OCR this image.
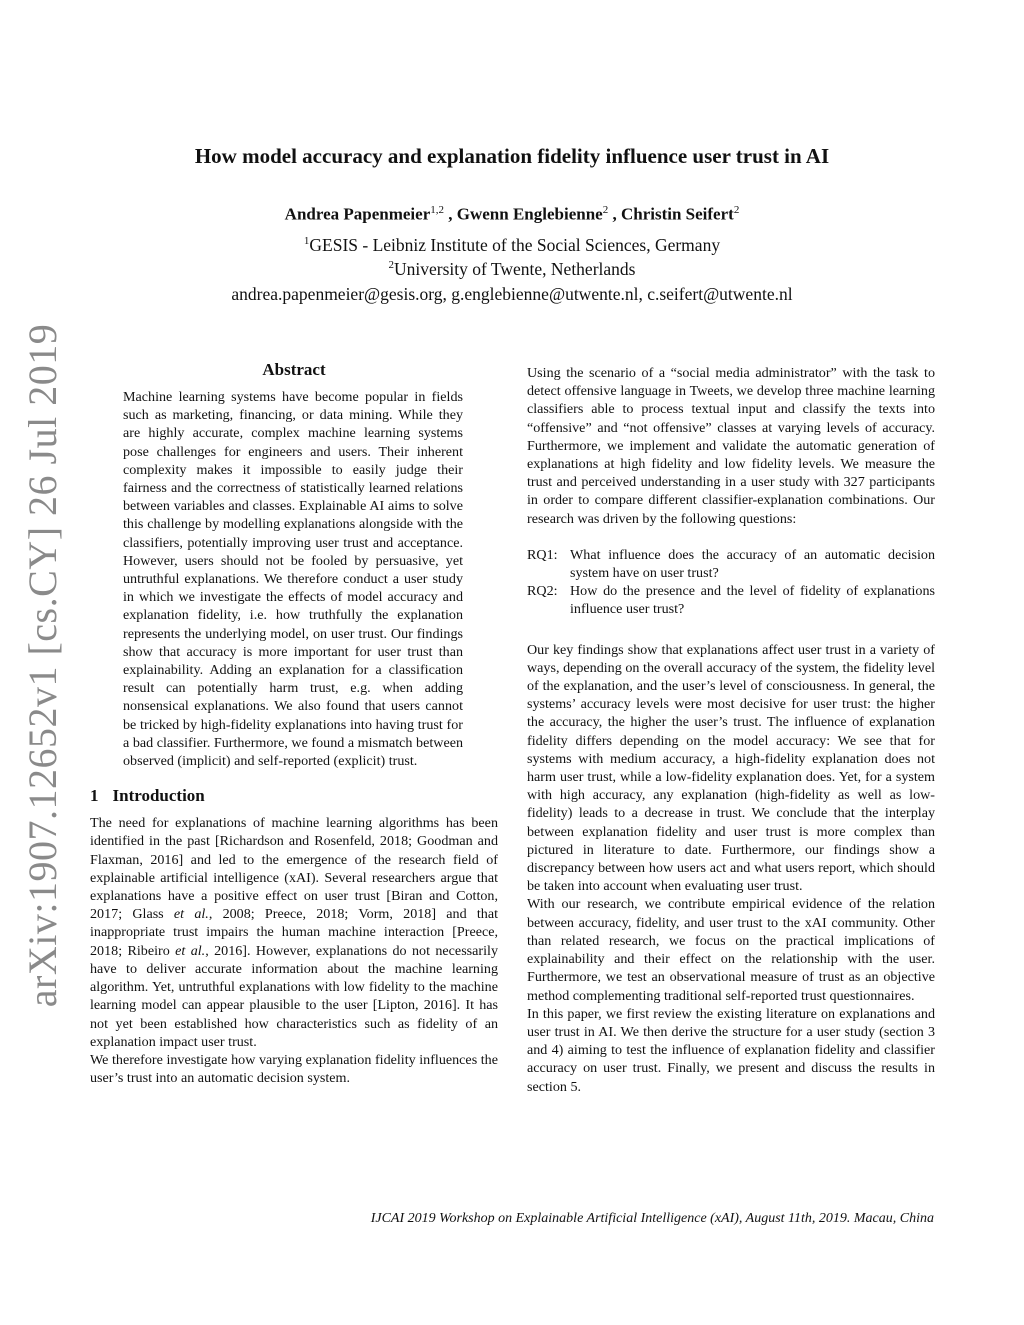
arXiv:1907.12652v1 [cs.CY] 26 Jul 2019
How model accuracy and explanation fidelity influence user trust in AI

Andrea Papenmeier$^{1,2}$ , Gwenn Englebienne$^2$ , Christin Seifert$^2$

$^1$GESIS - Leibniz Institute of the Social Sciences, Germany

$^2$University of Twente, Netherlands

andrea.papenmeier@gesis.org, g.englebienne@utwente.nl, c.seifert@utwente.nl

Abstract

Machine learning systems have become popular in fields such as marketing, financing, or data mining. While they are highly accurate, complex machine learning systems pose challenges for engineers and users. Their inherent complexity makes it impossible to easily judge their fairness and the correctness of statistically learned relations between variables and classes. Explainable AI aims to solve this challenge by modelling explanations alongside with the classifiers, potentially improving user trust and acceptance. However, users should not be fooled by persuasive, yet untruthful explanations. We therefore conduct a user study in which we investigate the effects of model accuracy and explanation fidelity, i.e. how truthfully the explanation represents the underlying model, on user trust. Our findings show that accuracy is more important for user trust than explainability. Adding an explanation for a classification result can potentially harm trust, e.g. when adding nonsensical explanations. We also found that users cannot be tricked by high-fidelity explanations into having trust for a bad classifier. Furthermore, we found a mismatch between observed (implicit) and self-reported (explicit) trust.

1 Introduction

The need for explanations of machine learning algorithms has been identified in the past [Richardson and Rosenfeld, 2018; Goodman and Flaxman, 2016] and led to the emergence of the research field of explainable artificial intelligence (xAI). Several researchers argue that explanations have a positive effect on user trust [Biran and Cotton, 2017; Glass et al., 2008; Preece, 2018; Vorm, 2018] and that inappropriate trust impairs the human machine interaction [Preece, 2018; Ribeiro et al., 2016]. However, explanations do not necessarily have to deliver accurate information about the machine learning algorithm. Yet, untruthful explanations with low fidelity to the machine learning model can appear plausible to the user [Lipton, 2016]. It has not yet been established how characteristics such as fidelity of an explanation impact user trust.

We therefore investigate how varying explanation fidelity influences the user’s trust into an automatic decision system.

Using the scenario of a “social media administrator” with the task to detect offensive language in Tweets, we develop three machine learning classifiers able to process textual input and classify the texts into “offensive” and “not offensive” classes at varying levels of accuracy. Furthermore, we implement and validate the automatic generation of explanations at high fidelity and low fidelity levels. We measure the trust and perceived understanding in a user study with 327 participants in order to compare different classifier-explanation combinations. Our research was driven by the following questions:

RQ1: What influence does the accuracy of an automatic decision system have on user trust?
RQ2: How do the presence and the level of fidelity of explanations influence user trust?

Our key findings show that explanations affect user trust in a variety of ways, depending on the overall accuracy of the system, the fidelity level of the explanation, and the user’s level of consciousness. In general, the systems’ accuracy levels were most decisive for user trust: the higher the accuracy, the higher the user’s trust. The influence of explanation fidelity differs depending on the model accuracy: We see that for systems with medium accuracy, a high-fidelity explanation does not harm user trust, while a low-fidelity explanation does. Yet, for a system with high accuracy, any explanation (high-fidelity as well as low-fidelity) leads to a decrease in trust. We conclude that the interplay between explanation fidelity and user trust is more complex than pictured in literature to date. Furthermore, our findings show a discrepancy between how users act and what users report, which should be taken into account when evaluating user trust.

With our research, we contribute empirical evidence of the relation between accuracy, fidelity, and user trust to the xAI community. Other than related research, we focus on the practical implications of explainability and their effect on the relationship with the user. Furthermore, we test an observational measure of trust as an objective method complementing traditional self-reported trust questionnaires.

In this paper, we first review the existing literature on explanations and user trust in AI. We then derive the structure for a user study (section 3 and 4) aiming to test the influence of explanation fidelity and classifier accuracy on user trust. Finally, we present and discuss the results in section 5.

IJCAI 2019 Workshop on Explainable Artificial Intelligence (xAI), August 11th, 2019. Macau, China
